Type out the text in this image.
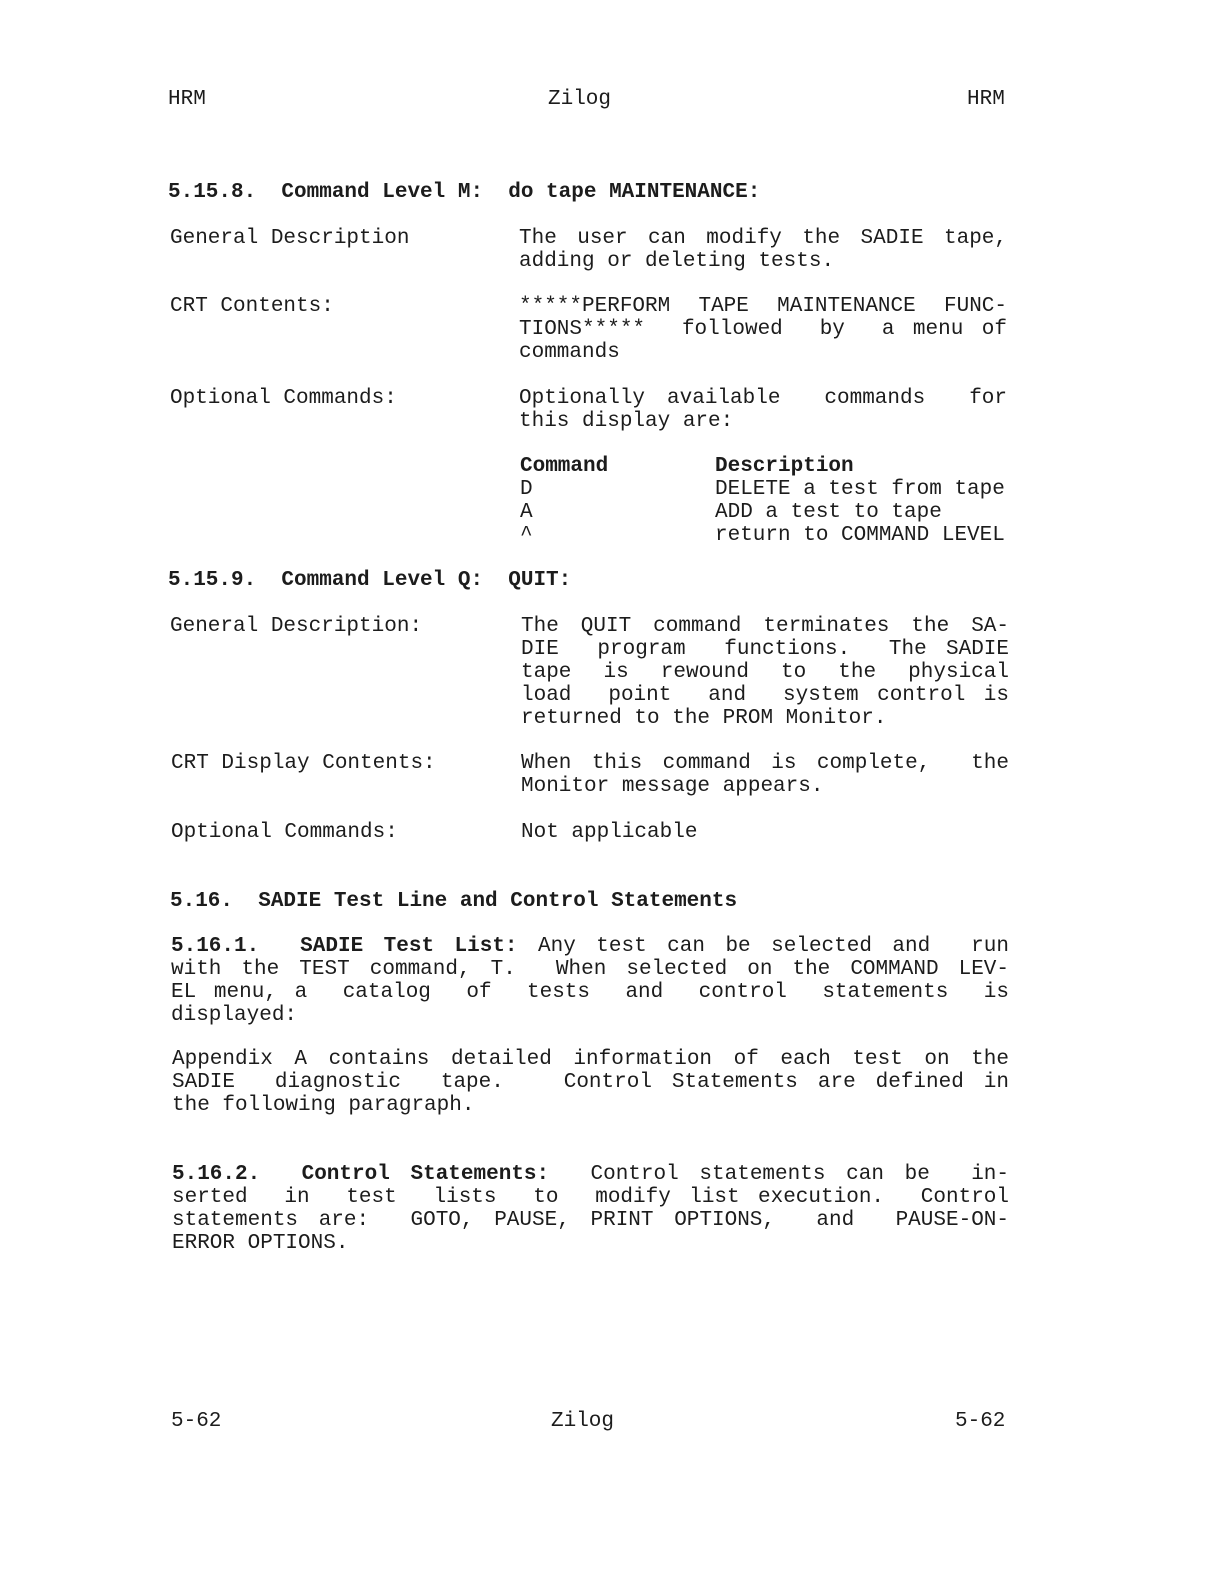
HRM	Zilog	HRM
5.15.8.  Command Level M:  do tape MAINTENANCE:
General Description	The user can modify the SADIE tape,
adding or deleting tests.
CRT Contents:	*****PERFORM TAPE MAINTENANCE FUNC-
TIONS*****  followed  by  a menu of
commands
Optional Commands:	Optionally available  commands  for
this display are:
Command	Description
D	DELETE a test from tape
A	ADD a test to tape
^	return to COMMAND LEVEL
5.15.9.  Command Level Q:  QUIT:
General Description:	The QUIT command terminates the SA-
DIE  program  functions.  The SADIE
tape  is  rewound  to  the  physical
load  point  and  system control is
returned to the PROM Monitor.
CRT Display Contents:	When this command is complete,  the
Monitor message appears.
Optional Commands:	Not applicable
5.16.  SADIE Test Line and Control Statements
5.16.1.  SADIE Test List: Any test can be selected and  run
with the TEST command, T.  When selected on the COMMAND LEV-
EL menu, a  catalog  of  tests  and  control  statements  is
displayed:
Appendix A contains detailed information of each test on the
SADIE  diagnostic  tape.   Control Statements are defined in
the following paragraph.
5.16.2.  Control Statements:  Control statements can be  in-
serted  in  test  lists  to  modify list execution.  Control
statements are:  GOTO, PAUSE, PRINT OPTIONS,  and  PAUSE-ON-
ERROR OPTIONS.
5-62	Zilog	5-62
